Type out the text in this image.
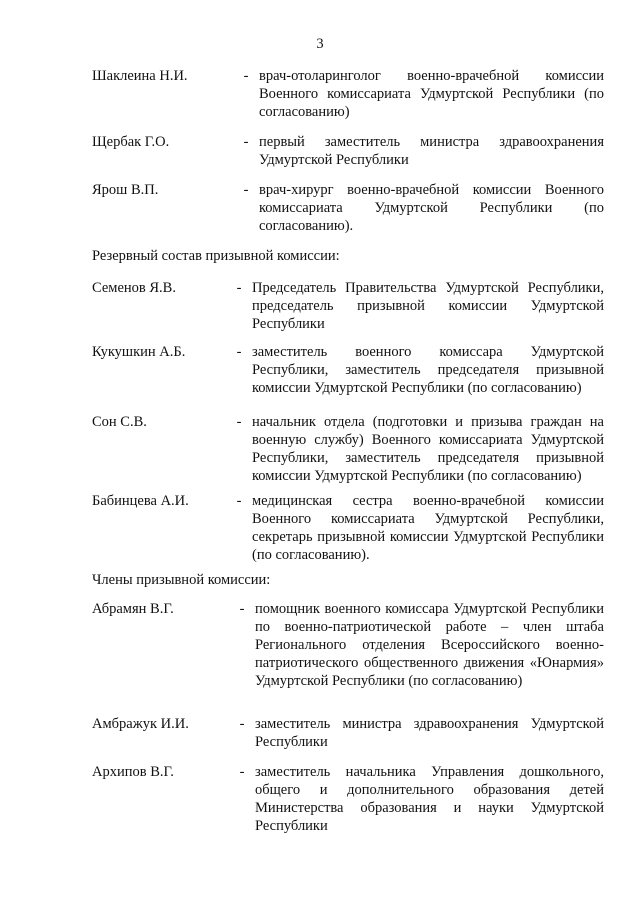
3

Шаклеина Н.И.	- врач-отоларинголог военно-врачебной комиссии Военного комиссариата Удмуртской Республики (по согласованию)
Щербак Г.О.	- первый заместитель министра здравоохранения Удмуртской Республики
Ярош В.П.	- врач-хирург военно-врачебной комиссии Военного комиссариата Удмуртской Республики (по согласованию).

Резервный состав призывной комиссии:

Семенов Я.В.	- Председатель Правительства Удмуртской Республики, председатель призывной комиссии Удмуртской Республики
Кукушкин А.Б.	- заместитель военного комиссара Удмуртской Республики, заместитель председателя призывной комиссии Удмуртской Республики (по согласованию)
Сон С.В.	- начальник отдела (подготовки и призыва граждан на военную службу) Военного комиссариата Удмуртской Республики, заместитель председателя призывной комиссии Удмуртской Республики (по согласованию)
Бабинцева А.И.	- медицинская сестра военно-врачебной комиссии Военного комиссариата Удмуртской Республики, секретарь призывной комиссии Удмуртской Республики (по согласованию).

Члены призывной комиссии:

Абрамян В.Г.	- помощник военного комиссара Удмуртской Республики по военно-патриотической работе – член штаба Регионального отделения Всероссийского военно-патриотического общественного движения «Юнармия» Удмуртской Республики (по согласованию)
Амбражук И.И.	- заместитель министра здравоохранения Удмуртской Республики
Архипов В.Г.	- заместитель начальника Управления дошкольного, общего и дополнительного образования детей Министерства образования и науки Удмуртской Республики
